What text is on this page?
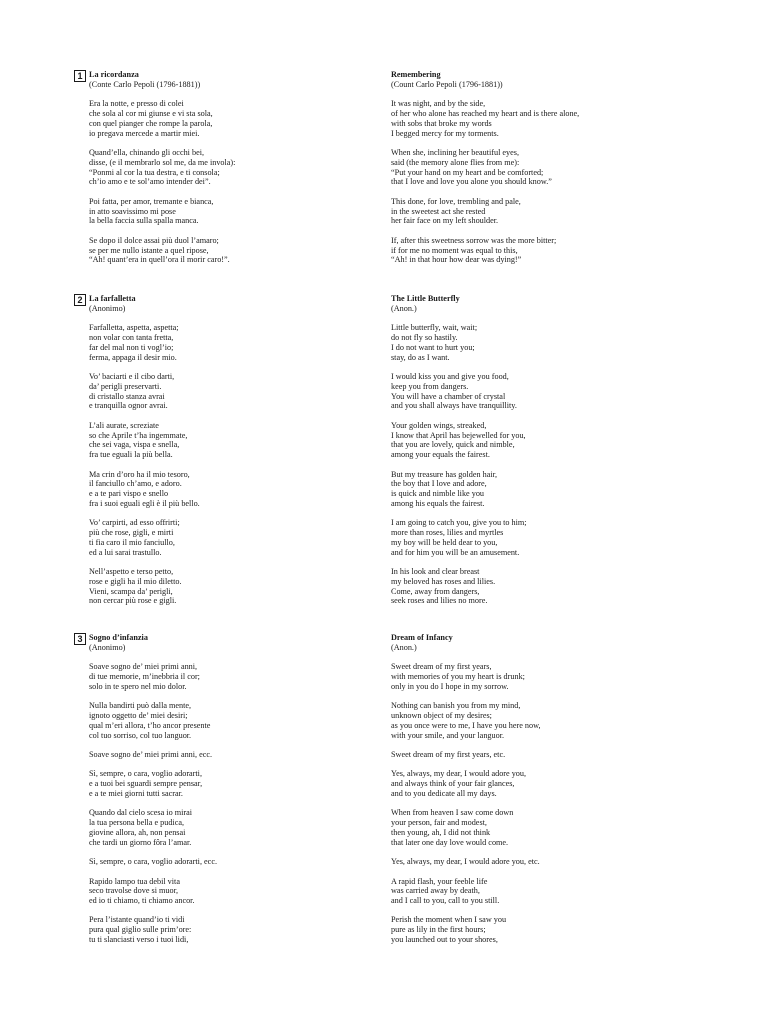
1 La ricordanza
(Conte Carlo Pepoli (1796-1881))
Era la notte, e presso di colei
che sola al cor mi giunse e vi sta sola,
con quel pianger che rompe la parola,
io pregava mercede a martir miei.
Quand’ella, chinando gli occhi bei,
disse, (e il membrarlo sol me, da me invola):
“Ponmi al cor la tua destra, e ti consola;
ch’io amo e te sol’amo intender dei”.
Poi fatta, per amor, tremante e bianca,
in atto soavissimo mi pose
la bella faccia sulla spalla manca.
Se dopo il dolce assai più duol l’amaro;
se per me nullo istante a quel ripose,
“Ah! quant’era in quell’ora il morir caro!”.
Remembering
(Count Carlo Pepoli (1796-1881))
It was night, and by the side,
of her who alone has reached my heart and is there alone,
with sobs that broke my words
I begged mercy for my torments.
When she, inclining her beautiful eyes,
said (the memory alone flies from me):
“Put your hand on my heart and be comforted;
that I love and love you alone you should know.”
This done, for love, trembling and pale,
in the sweetest act she rested
her fair face on my left shoulder.
If, after this sweetness sorrow was the more bitter;
if for me no moment was equal to this,
“Ah! in that hour how dear was dying!”
2 La farfalletta
(Anonimo)
Farfalletta, aspetta, aspetta;
non volar con tanta fretta,
far del mal non ti vogl’io;
ferma, appaga il desir mio.
Vo’ baciarti e il cibo darti,
da’ perigli preservarti.
di cristallo stanza avrai
e tranquilla ognor avrai.
L’ali aurate, screziate
so che Aprile t’ha ingemmate,
che sei vaga, vispa e snella,
fra tue eguali la più bella.
Ma crin d’oro ha il mio tesoro,
il fanciullo ch’amo, e adoro.
e a te pari vispo e snello
fra i suoi eguali egli è il più bello.
Vo’ carpirti, ad esso offrirti;
più che rose, gigli, e mirti
ti fia caro il mio fanciullo,
ed a lui sarai trastullo.
Nell’aspetto e terso petto,
rose e gigli ha il mio diletto.
Vieni, scampa da’ perigli,
non cercar più rose e gigli.
The Little Butterfly
(Anon.)
Little butterfly, wait, wait;
do not fly so hastily.
I do not want to hurt you;
stay, do as I want.
I would kiss you and give you food,
keep you from dangers.
You will have a chamber of crystal
and you shall always have tranquillity.
Your golden wings, streaked,
I know that April has bejewelled for you,
that you are lovely, quick and nimble,
among your equals the fairest.
But my treasure has golden hair,
the boy that I love and adore,
is quick and nimble like you
among his equals the fairest.
I am going to catch you, give you to him;
more than roses, lilies and myrtles
my boy will be held dear to you,
and for him you will be an amusement.
In his look and clear breast
my beloved has roses and lilies.
Come, away from dangers,
seek roses and lilies no more.
3 Sogno d’infanzia
(Anonimo)
Soave sogno de’ miei primi anni,
di tue memorie, m’inebbria il cor;
solo in te spero nel mio dolor.
Nulla bandirti può dalla mente,
ignoto oggetto de’ miei desiri;
qual m’eri allora, t’ho ancor presente
col tuo sorriso, col tuo languor.
Soave sogno de’ miei primi anni, ecc.
Sì, sempre, o cara, voglio adorarti,
e a tuoi bei sguardi sempre pensar,
e a te miei giorni tutti sacrar.
Quando dal cielo scesa io mirai
la tua persona bella e pudica,
giovine allora, ah, non pensai
che tardi un giorno fôra l’amar.
Sì, sempre, o cara, voglio adorarti, ecc.
Rapido lampo tua debil vita
seco travolse dove si muor,
ed io ti chiamo, ti chiamo ancor.
Pera l’istante quand’io ti vidi
pura qual giglio sulle prim’ore:
tu ti slanciasti verso i tuoi lidi,
Dream of Infancy
(Anon.)
Sweet dream of my first years,
with memories of you my heart is drunk;
only in you do I hope in my sorrow.
Nothing can banish you from my mind,
unknown object of my desires;
as you once were to me, I have you here now,
with your smile, and your languor.
Sweet dream of my first years, etc.
Yes, always, my dear, I would adore you,
and always think of your fair glances,
and to you dedicate all my days.
When from heaven I saw come down
your person, fair and modest,
then young, ah, I did not think
that later one day love would come.
Yes, always, my dear, I would adore you, etc.
A rapid flash, your feeble life
was carried away by death,
and I call to you, call to you still.
Perish the moment when I saw you
pure as lily in the first hours;
you launched out to your shores,
